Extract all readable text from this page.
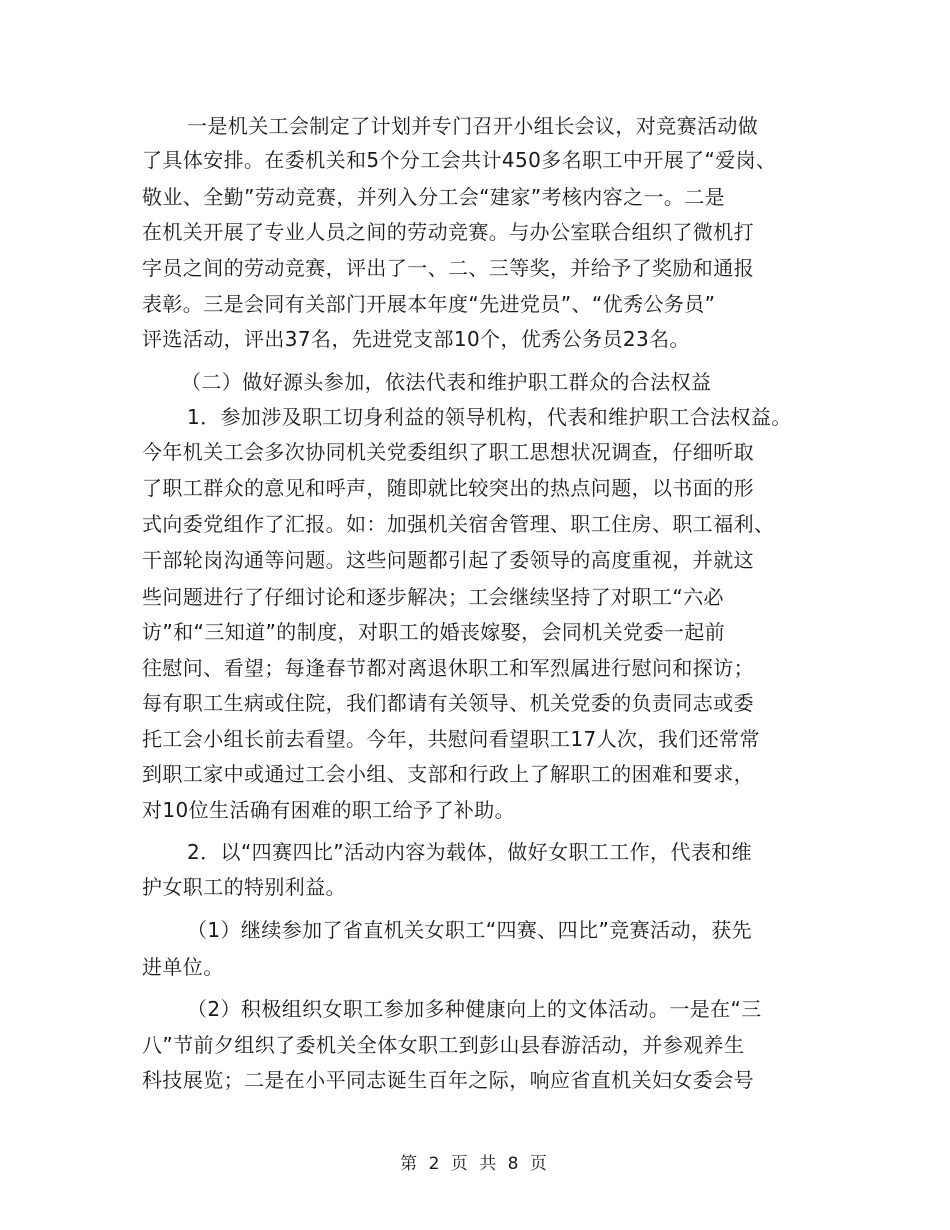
一是机关工会制定了计划并专门召开小组长会议，对竞赛活动做
了具体安排。在委机关和5个分工会共计450多名职工中开展了“爱岗、
敬业、全勤”劳动竞赛，并列入分工会“建家”考核内容之一。二是
在机关开展了专业人员之间的劳动竞赛。与办公室联合组织了微机打
字员之间的劳动竞赛，评出了一、二、三等奖，并给予了奖励和通报
表彰。三是会同有关部门开展本年度“先进党员”、“优秀公务员”
评选活动，评出37名，先进党支部10个，优秀公务员23名。
（二）做好源头参加，依法代表和维护职工群众的合法权益
1．参加涉及职工切身利益的领导机构，代表和维护职工合法权益。
今年机关工会多次协同机关党委组织了职工思想状况调查，仔细听取
了职工群众的意见和呼声，随即就比较突出的热点问题，以书面的形
式向委党组作了汇报。如：加强机关宿舍管理、职工住房、职工福利、
干部轮岗沟通等问题。这些问题都引起了委领导的高度重视，并就这
些问题进行了仔细讨论和逐步解决；工会继续坚持了对职工“六必
访”和“三知道”的制度，对职工的婚丧嫁娶，会同机关党委一起前
往慰问、看望；每逢春节都对离退休职工和军烈属进行慰问和探访；
每有职工生病或住院，我们都请有关领导、机关党委的负责同志或委
托工会小组长前去看望。今年，共慰问看望职工17人次，我们还常常
到职工家中或通过工会小组、支部和行政上了解职工的困难和要求，
对10位生活确有困难的职工给予了补助。
2．以“四赛四比”活动内容为载体，做好女职工工作，代表和维
护女职工的特别利益。
（1）继续参加了省直机关女职工“四赛、四比”竞赛活动，获先
进单位。
（2）积极组织女职工参加多种健康向上的文体活动。一是在“三
八”节前夕组织了委机关全体女职工到彭山县春游活动，并参观养生
科技展览；二是在小平同志诞生百年之际，响应省直机关妇女委会号
第 2 页 共 8 页
